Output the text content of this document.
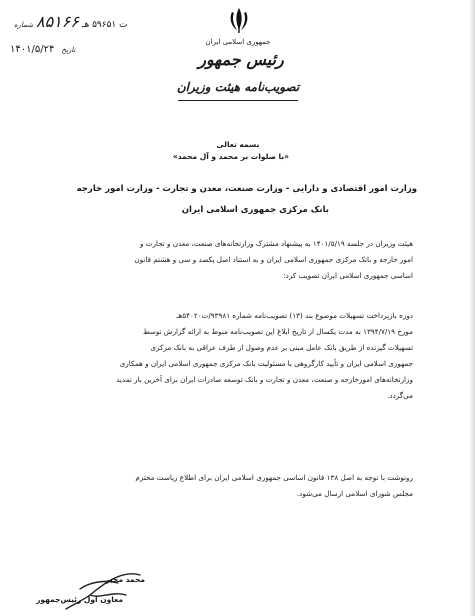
جمهوری اسلامی ایران
رئیس جمهور
تصویب‌نامه هیئت وزیران
ت ۵۹۶۵۱ هـ ۸۵۱۶۶ شماره
۱۴۰۱/۵/۲۴ تاریخ
بسمه تعالی
«با صلوات بر محمد و آل محمد»
وزارت امور اقتصادی و دارایی - وزارت صنعت، معدن و تجارت - وزارت امور خارجه
بانک مرکزی جمهوری اسلامی ایران
هیئت وزیران در جلسه ۱۴۰۱/۵/۱۹ به پیشنهاد مشترک وزارتخانه‌های صنعت، معدن و تجارت و
امور خارجه و بانک مرکزی جمهوری اسلامی ایران و به استناد اصل یکصد و سی و هشتم قانون
اساسی جمهوری اسلامی ایران تصویب کرد:
دوره بازپرداخت تسهیلات موضوع بند (۱۳) تصویب‌نامه شماره ۹۳۹۸۱/ت۵۴۰۲۰هـ
مورخ ۱۳۹۴/۷/۱۹ به مدت یکسال از تاریخ ابلاغ این تصویب‌نامه منوط به ارائه گزارش توسط
تسهیلات گیرنده از طریق بانک عامل مبنی بر عدم وصول از طرف عراقی به بانک مرکزی
جمهوری اسلامی ایران و تأیید کارگروهی با مسئولیت بانک مرکزی جمهوری اسلامی ایران و همکاری
وزارتخانه‌های امورخارجه و صنعت، معدن و تجارت و بانک توسعه صادرات ایران برای آخرین بار تمدید
می‌گردد.
رونوشت با توجه به اصل ۱۳۸ قانون اساسی جمهوری اسلامی ایران برای اطلاع ریاست محترم
مجلس شورای اسلامی ارسال می‌شود.
محمد مخبر
معاون اول رئیس‌جمهور
